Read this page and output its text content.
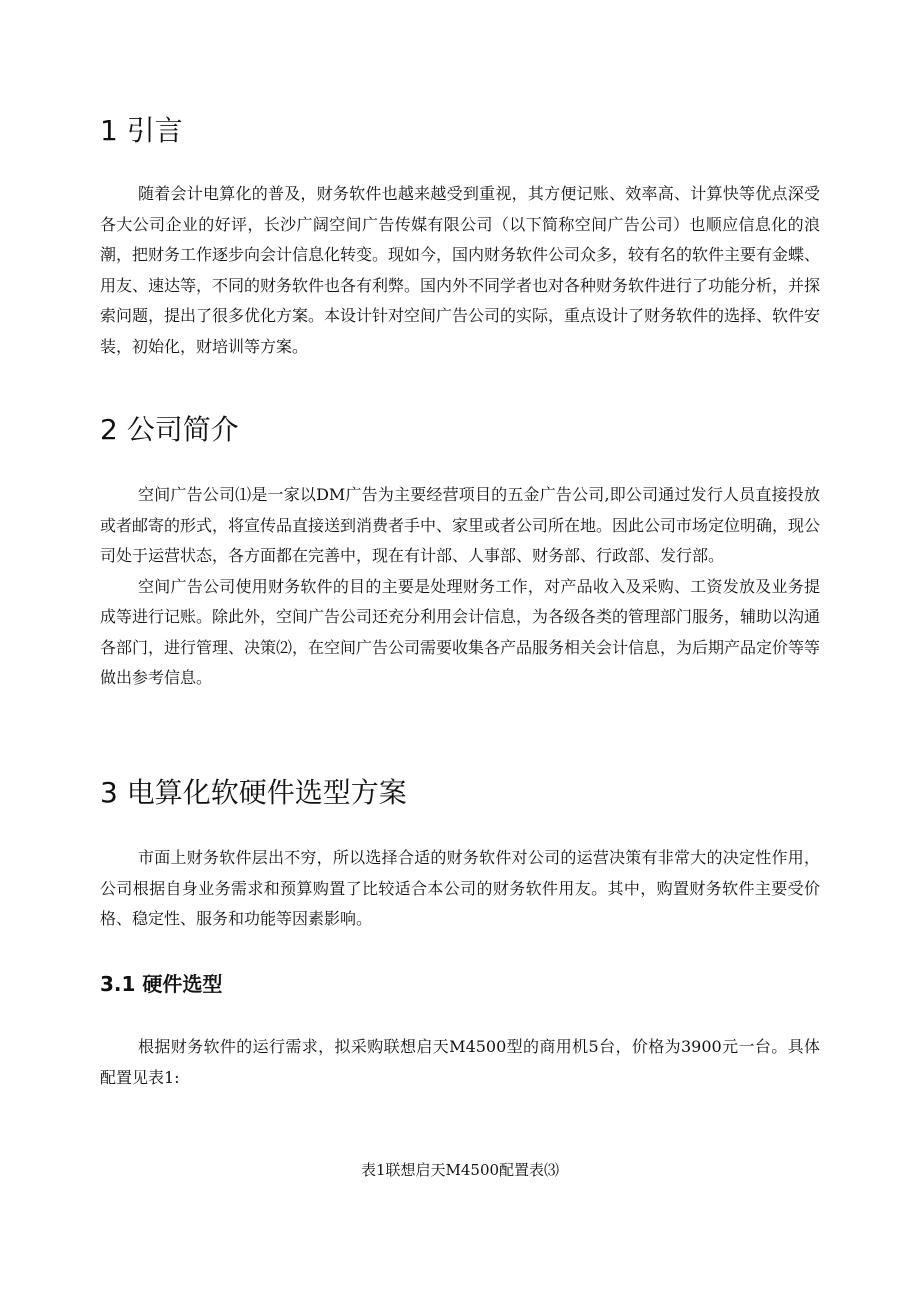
1 引言

随着会计电算化的普及，财务软件也越来越受到重视，其方便记账、效率高、计算快等优点深受各大公司企业的好评，长沙广阔空间广告传媒有限公司（以下简称空间广告公司）也顺应信息化的浪潮，把财务工作逐步向会计信息化转变。现如今，国内财务软件公司众多，较有名的软件主要有金蝶、用友、速达等，不同的财务软件也各有利弊。国内外不同学者也对各种财务软件进行了功能分析，并探索问题，提出了很多优化方案。本设计针对空间广告公司的实际，重点设计了财务软件的选择、软件安装，初始化，财培训等方案。

2 公司简介

空间广告公司⑴是一家以DM广告为主要经营项目的五金广告公司,即公司通过发行人员直接投放或者邮寄的形式，将宣传品直接送到消费者手中、家里或者公司所在地。因此公司市场定位明确，现公司处于运营状态，各方面都在完善中，现在有计部、人事部、财务部、行政部、发行部。

空间广告公司使用财务软件的目的主要是处理财务工作，对产品收入及采购、工资发放及业务提成等进行记账。除此外，空间广告公司还充分利用会计信息，为各级各类的管理部门服务，辅助以沟通各部门，进行管理、决策⑵，在空间广告公司需要收集各产品服务相关会计信息，为后期产品定价等等做出参考信息。

3 电算化软硬件选型方案

市面上财务软件层出不穷，所以选择合适的财务软件对公司的运营决策有非常大的决定性作用，公司根据自身业务需求和预算购置了比较适合本公司的财务软件用友。其中，购置财务软件主要受价格、稳定性、服务和功能等因素影响。

3.1 硬件选型

根据财务软件的运行需求，拟采购联想启天M4500型的商用机5台，价格为3900元一台。具体配置见表1:

表1联想启天M4500配置表⑶
